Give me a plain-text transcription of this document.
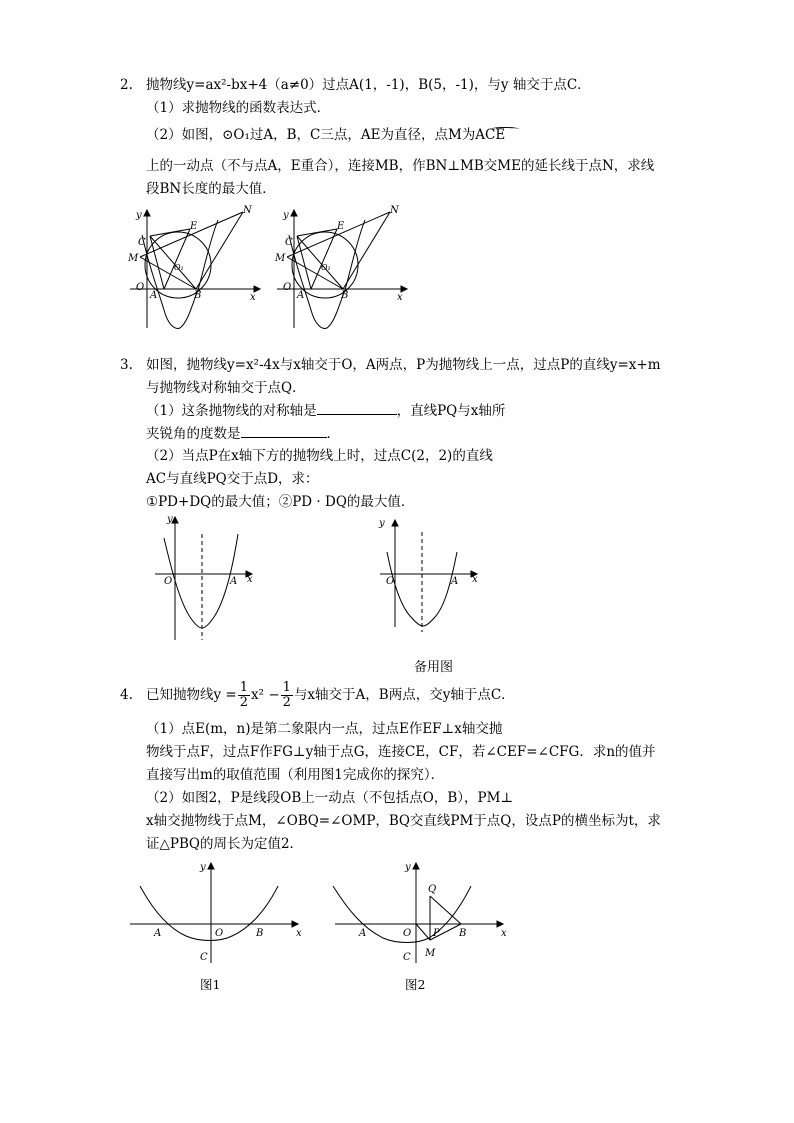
2. 抛物线y=ax²-bx+4（a≠0）过点A(1，-1)，B(5，-1)，与y 轴交于点C．
（1）求抛物线的函数表达式．
（2）如图，⊙O₁过A，B，C三点，AE为直径，点M为ACE
上的一动点（不与点A，E重合），连接MB，作BN⊥MB交ME的延长线于点N，求线
段BN长度的最大值．
y
x
N
E
C
M
O₁
O
A	B
y
x
N
E
C
M
O₁
O
A	B
3. 如图，抛物线y=x²-4x与x轴交于O，A两点，P为抛物线上一点，过点P的直线y=x+m
与抛物线对称轴交于点Q．
（1）这条抛物线的对称轴是	，直线PQ与x轴所
夹锐角的度数是	．
（2）当点P在x轴下方的抛物线上时，过点C(2，2)的直线
AC与直线PQ交于点D，求：
①PD+DQ的最大值；②PD · DQ的最大值．
y
x
O	A
y
x
O	A
备用图
4. 已知抛物线$y = \frac{1}{2} x^2 - \frac{1}{2}$ 与x轴交于A，B两点，交y轴于点C．
（1）点E(m，n)是第二象限内一点，过点E作EF⊥x轴交抛
物线于点F，过点F作FG⊥y轴于点G，连接CE，CF，若∠CEF=∠CFG．求n的值并
直接写出m的取值范围（利用图1完成你的探究）．
（2）如图2，P是线段OB上一动点（不包括点O，B），PM⊥
x轴交抛物线于点M，∠OBQ=∠OMP，BQ交直线PM于点Q，设点P的横坐标为t，求
证△PBQ的周长为定值2．
y
x
A	O	B
C
y
x
Q
A	O P B
C M
图1	图2
